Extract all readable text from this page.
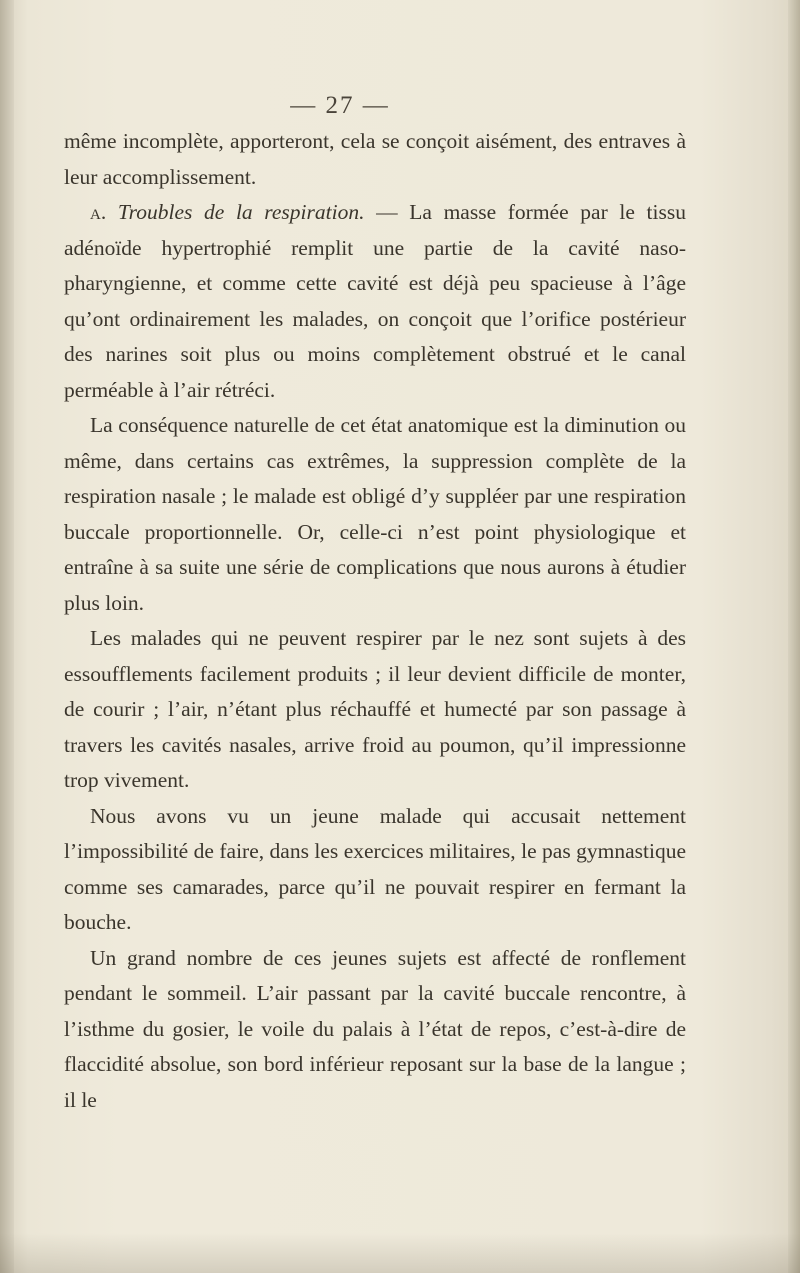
— 27 —

même incomplète, apporteront, cela se conçoit aisément, des entraves à leur accomplissement.

a. Troubles de la respiration. — La masse formée par le tissu adénoïde hypertrophié remplit une partie de la cavité naso-pharyngienne, et comme cette cavité est déjà peu spacieuse à l’âge qu’ont ordinairement les malades, on conçoit que l’orifice postérieur des narines soit plus ou moins complètement obstrué et le canal perméable à l’air rétréci.

La conséquence naturelle de cet état anatomique est la diminution ou même, dans certains cas extrêmes, la suppression complète de la respiration nasale ; le malade est obligé d’y suppléer par une respiration buccale proportionnelle. Or, celle-ci n’est point physiologique et entraîne à sa suite une série de complications que nous aurons à étudier plus loin.

Les malades qui ne peuvent respirer par le nez sont sujets à des essoufflements facilement produits ; il leur devient difficile de monter, de courir ; l’air, n’étant plus réchauffé et humecté par son passage à travers les cavités nasales, arrive froid au poumon, qu’il impressionne trop vivement.

Nous avons vu un jeune malade qui accusait nettement l’impossibilité de faire, dans les exercices militaires, le pas gymnastique comme ses camarades, parce qu’il ne pouvait respirer en fermant la bouche.

Un grand nombre de ces jeunes sujets est affecté de ronflement pendant le sommeil. L’air passant par la cavité buccale rencontre, à l’isthme du gosier, le voile du palais à l’état de repos, c’est-à-dire de flaccidité absolue, son bord inférieur reposant sur la base de la langue ; il le
